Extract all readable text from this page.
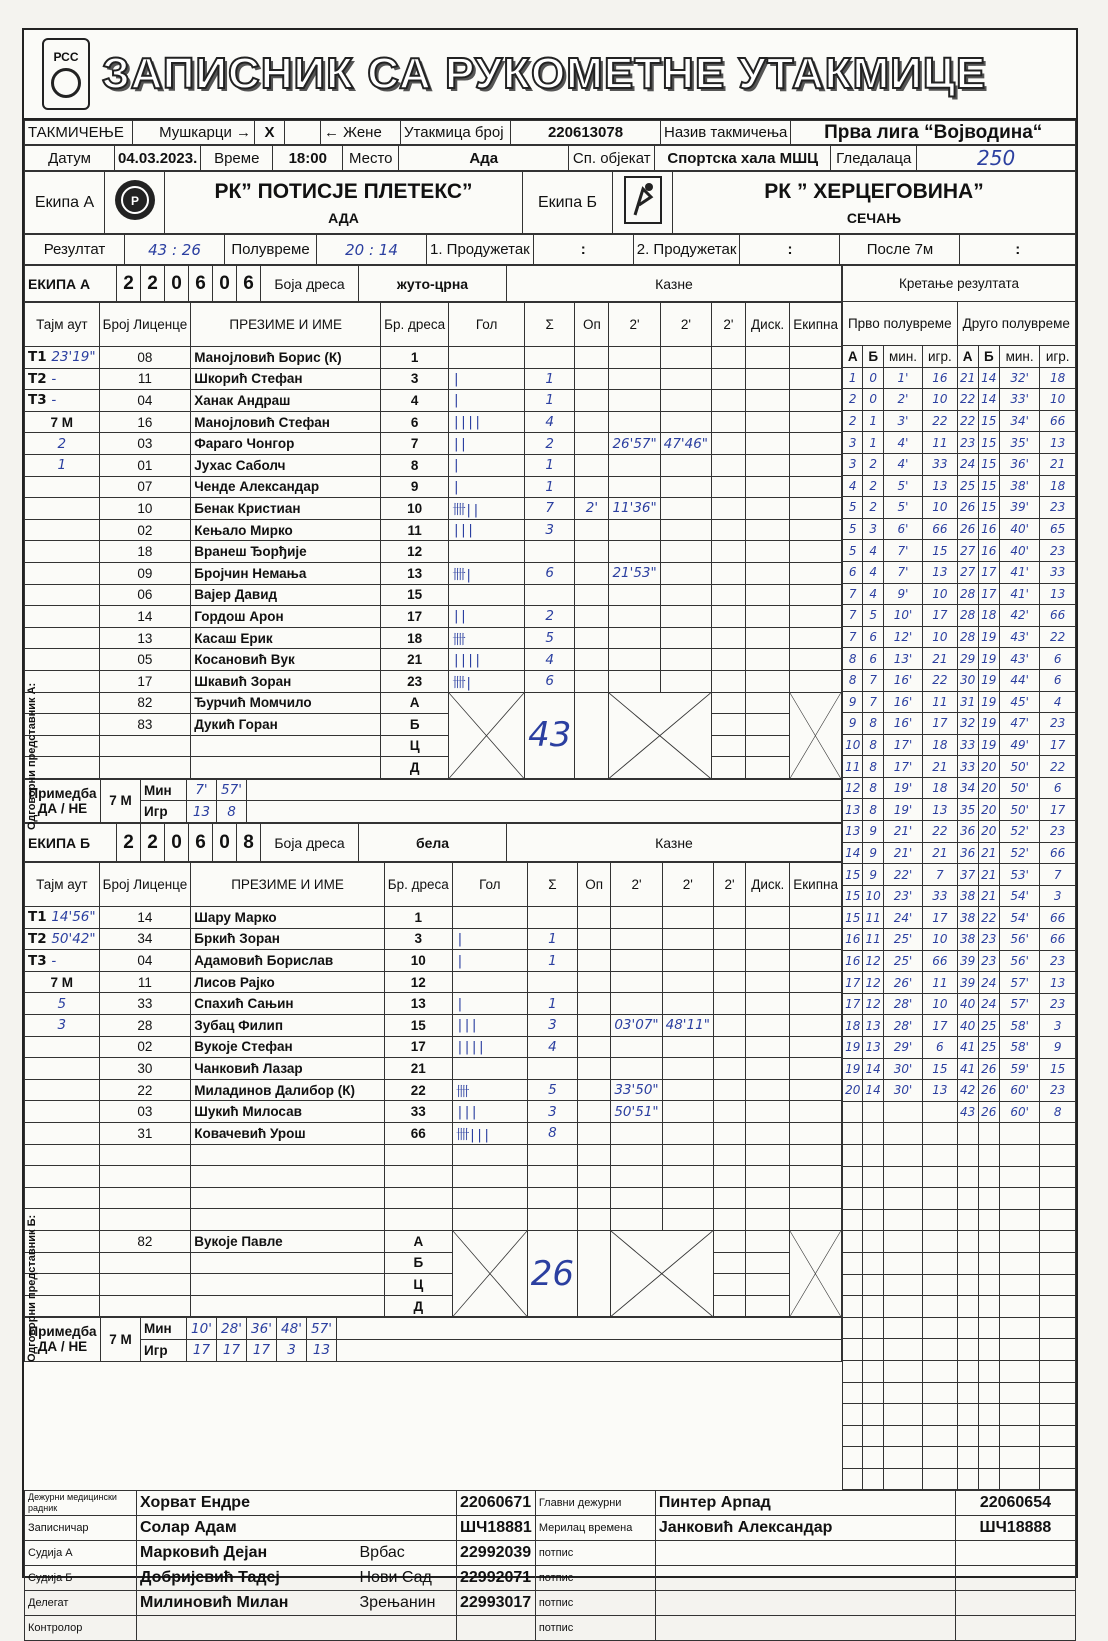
РСС ЗАПИСНИК СА РУКОМЕТНЕ УТАКМИЦЕ
ТАКМИЧЕЊЕ	Мушкарци →	X		← Жене	Утакмица број	220613078	Назив такмичења	Прва лига “Војводина“
Датум	04.03.2023.	Време	18:00	Место	Ада	Сп. објекат	Спортска хала МШЦ	Гледалаца	250
Екипа А	P	РК” ПОТИСЈЕ ПЛЕТЕКС”
АДА
	Екипа Б		РК ” ХЕРЦЕГОВИНА”
СЕЧАЊ
Резултат	43 : 26	Полувреме	20 : 14	1. Продужетак	:	2. Продужетак	:	После 7м	:
ЕКИПА А	2	2	0	6	0	6	Боја дреса	жуто-црна	Казне
Тајм аут	Број Лиценце	ПРЕЗИМЕ И ИМЕ	Бр. дреса	Гол	Σ	Оп	2'	2'	2'	Диск.	Екипна
T1 23'19"	08	Манојловић Борис (К)	1								
T2 -	11	Шкорић Стефан	3	|	1						
T3 -	04	Ханак Андраш	4	|	1						
7 М	16	Манојловић Стефан	6	||||	4						
2	03	Фараго Чонгор	7	||	2		26'57"	47'46"			
1	01	Јухас Саболч	8	|	1						
	07	Ченде Александар	9	|	1						
	10	Бенак Кристиан	10	卌||	7	2'	11'36"				
	02	Кењало Мирко	11	|||	3						
	18	Вранеш Ђорђије	12								
	09	Бројчин Немања	13	卌|	6		21'53"				
	06	Вајер Давид	15								
	14	Гордош Арон	17	||	2						
	13	Касаш Ерик	18	卌	5						
	05	Косановић Вук	21	||||	4						
	17	Шкавић Зоран	23	卌|	6						
	82	Ђурчић Момчило	А		43		

	83	Дукић Горан	Б								
			Ц								
			Д								
Примедба
ДА / НЕ	7 М	Мин	7'	57'	
		Игр	13	8	
ЕКИПА Б	2	2	0	6	0	8	Боја дреса	бела	Казне
Тајм аут	Број Лиценце	ПРЕЗИМЕ И ИМЕ	Бр. дреса	Гол	Σ	Оп	2'	2'	2'	Диск.	Екипна
T1 14'56"	14	Шару Марко	1								
T2 50'42"	34	Бркић Зоран	3	|	1						
T3 -	04	Адамовић Борислав	10	|	1						
7 М	11	Лисов Рајко	12								
5	33	Спахић Сањин	13	|	1						
3	28	Зубац Филип	15	|||	3		03'07"	48'11"			
	02	Вукоје Стефан	17	||||	4						
	30	Чанковић Лазар	21								
	22	Миладинов Далибор (К)	22	卌	5		33'50"				
	03	Шукић Милосав	33	|||	3		50'51"				
	31	Ковачевић Урош	66	卌|||	8						

	82	Вукоје Павле	А		26		

			Б								
			Ц								
			Д								
Примедба
ДА / НЕ	7 М	Мин	10'	28'	36'	48'	57'	
		Игр	17	17	17	3	13	
Кретање резултата							
Прво полувреме				Друго полувреме			
А	Б	мин.	игр.	А	Б	мин.	игр.
1	0	1'	16	21	14	32'	18
2	0	2'	10	22	14	33'	10
2	1	3'	22	22	15	34'	66
3	1	4'	11	23	15	35'	13
3	2	4'	33	24	15	36'	21
4	2	5'	13	25	15	38'	18
5	2	5'	10	26	15	39'	23
5	3	6'	66	26	16	40'	65
5	4	7'	15	27	16	40'	23
6	4	7'	13	27	17	41'	33
7	4	9'	10	28	17	41'	13
7	5	10'	17	28	18	42'	66
7	6	12'	10	28	19	43'	22
8	6	13'	21	29	19	43'	6
8	7	16'	22	30	19	44'	6
9	7	16'	11	31	19	45'	4
9	8	16'	17	32	19	47'	23
10	8	17'	18	33	19	49'	17
11	8	17'	21	33	20	50'	22
12	8	19'	18	34	20	50'	6
13	8	19'	13	35	20	50'	17
13	9	21'	22	36	20	52'	23
14	9	21'	21	36	21	52'	66
15	9	22'	7	37	21	53'	7
15	10	23'	33	38	21	54'	3
15	11	24'	17	38	22	54'	66
16	11	25'	10	38	23	56'	66
16	12	25'	66	39	23	56'	23
17	12	26'	11	39	24	57'	13
17	12	28'	10	40	24	57'	23
18	13	28'	17	40	25	58'	3
19	13	29'	6	41	25	58'	9
19	14	30'	15	41	26	59'	15
20	14	30'	13	42	26	60'	23
				43	26	60'	8

Дежурни медицински радник	Хорват Ендре		22060671	Главни дежурни	Пинтер Арпад	22060654
Записничар	Солар Адам		ШЧ18881	Мерилац времена	Јанковић Александар	ШЧ18888
Судија А	Марковић Дејан	Врбас	22992039	потпис		
Судија Б	Добријевић Тадеј	Нови Сад	22992071	потпис		
Делегат	Милиновић Милан	Зрењанин	22993017	потпис		
Контролор				потпис		
Одговорни представник А:
Одговорни представник Б:
